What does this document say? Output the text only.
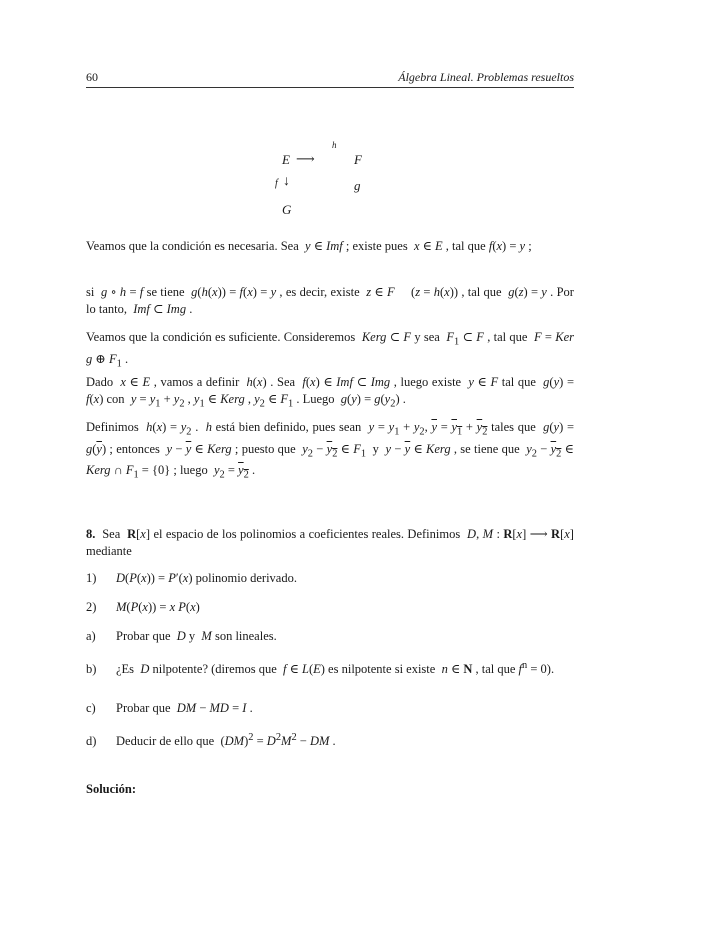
60	Álgebra Lineal. Problemas resueltos
h
E ⟶	F
f ↓	g
G
Veamos que la condición es necesaria. Sea  y ∈ Imf ; existe pues  x ∈ E , tal que f(x) = y ;
si  g ∘ h = f se tiene  g(h(x)) = f(x) = y , es decir, existe  z ∈ F     (z = h(x)) , tal que  g(z) = y . Por lo tanto,  Imf ⊂ Img .
Veamos que la condición es suficiente. Consideremos  Kerg ⊂ F y sea  $F_1$ ⊂ F , tal que  F = Ker g ⊕ $F_1$ .
Dado  x ∈ E , vamos a definir  h(x) . Sea  f(x) ∈ Imf ⊂ Img , luego existe  y ∈ F tal que  g(y) = f(x) con  $y = y_1 + y_2$ , $y_1$ ∈ Kerg , $y_2$ ∈ $F_1$ . Luego  $g(y) = g(y_2)$ .
Definimos  $h(x) = y_2$ .  h está bien definido, pues sean  $y = y_1 + y_2$, $\overline{y} = y_1 + y_2$ tales que  $g(y) = g(\overline{y})$ ; entonces  $y - \overline{y}$ ∈ Kerg ; puesto que  $y_2 - y_2$ ∈ $F_1$  y  $y - \overline{y}$ ∈ Kerg , se tiene que  $y_2 - y_2$ ∈ Kerg ∩ $F_1 = \{0\}$ ; luego  $y_2 = y_2$ .
8.  Sea  R[x] el espacio de los polinomios a coeficientes reales. Definimos  D, M : R[x] ⟶ R[x] mediante
1) D(P(x)) = P′(x) polinomio derivado.
2) M(P(x)) = x P(x)
a) Probar que  D y  M son lineales.
b) ¿Es  D nilpotente? (diremos que  f ∈ L(E) es nilpotente si existe  n ∈ N , tal que $f^n = 0$).
c) Probar que  DM − MD = I .
d) Deducir de ello que  $(DM)^2 = D^2M^2$ − DM .
Solución:
